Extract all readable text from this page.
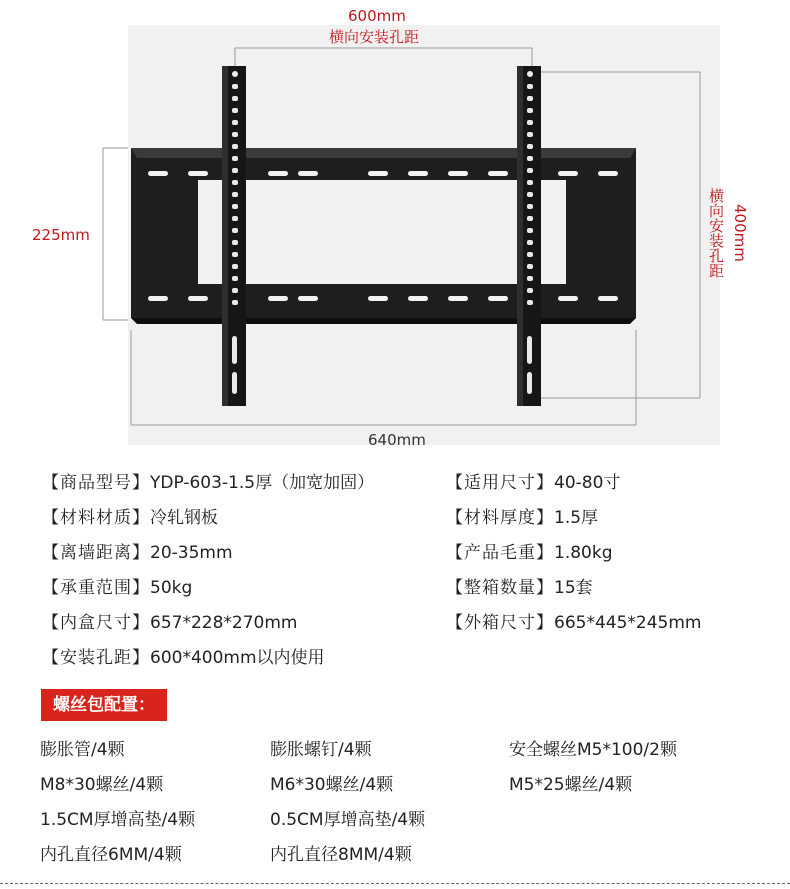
600mm
横向安装孔距
225mm	横向安装孔距 400mm
640mm
【商品型号】YDP-603-1.5厚（加宽加固）
【材料材质】冷轧钢板
【离墙距离】20-35mm
【承重范围】50kg
【内盒尺寸】657*228*270mm
【安装孔距】600*400mm以内使用
【适用尺寸】40-80寸
【材料厚度】1.5厚
【产品毛重】1.80kg
【整箱数量】15套
【外箱尺寸】665*445*245mm
螺丝包配置：
膨胀管/4颗
M8*30螺丝/4颗
1.5CM厚增高垫/4颗
内孔直径6MM/4颗
膨胀螺钉/4颗
M6*30螺丝/4颗
0.5CM厚增高垫/4颗
内孔直径8MM/4颗
安全螺丝M5*100/2颗
M5*25螺丝/4颗
